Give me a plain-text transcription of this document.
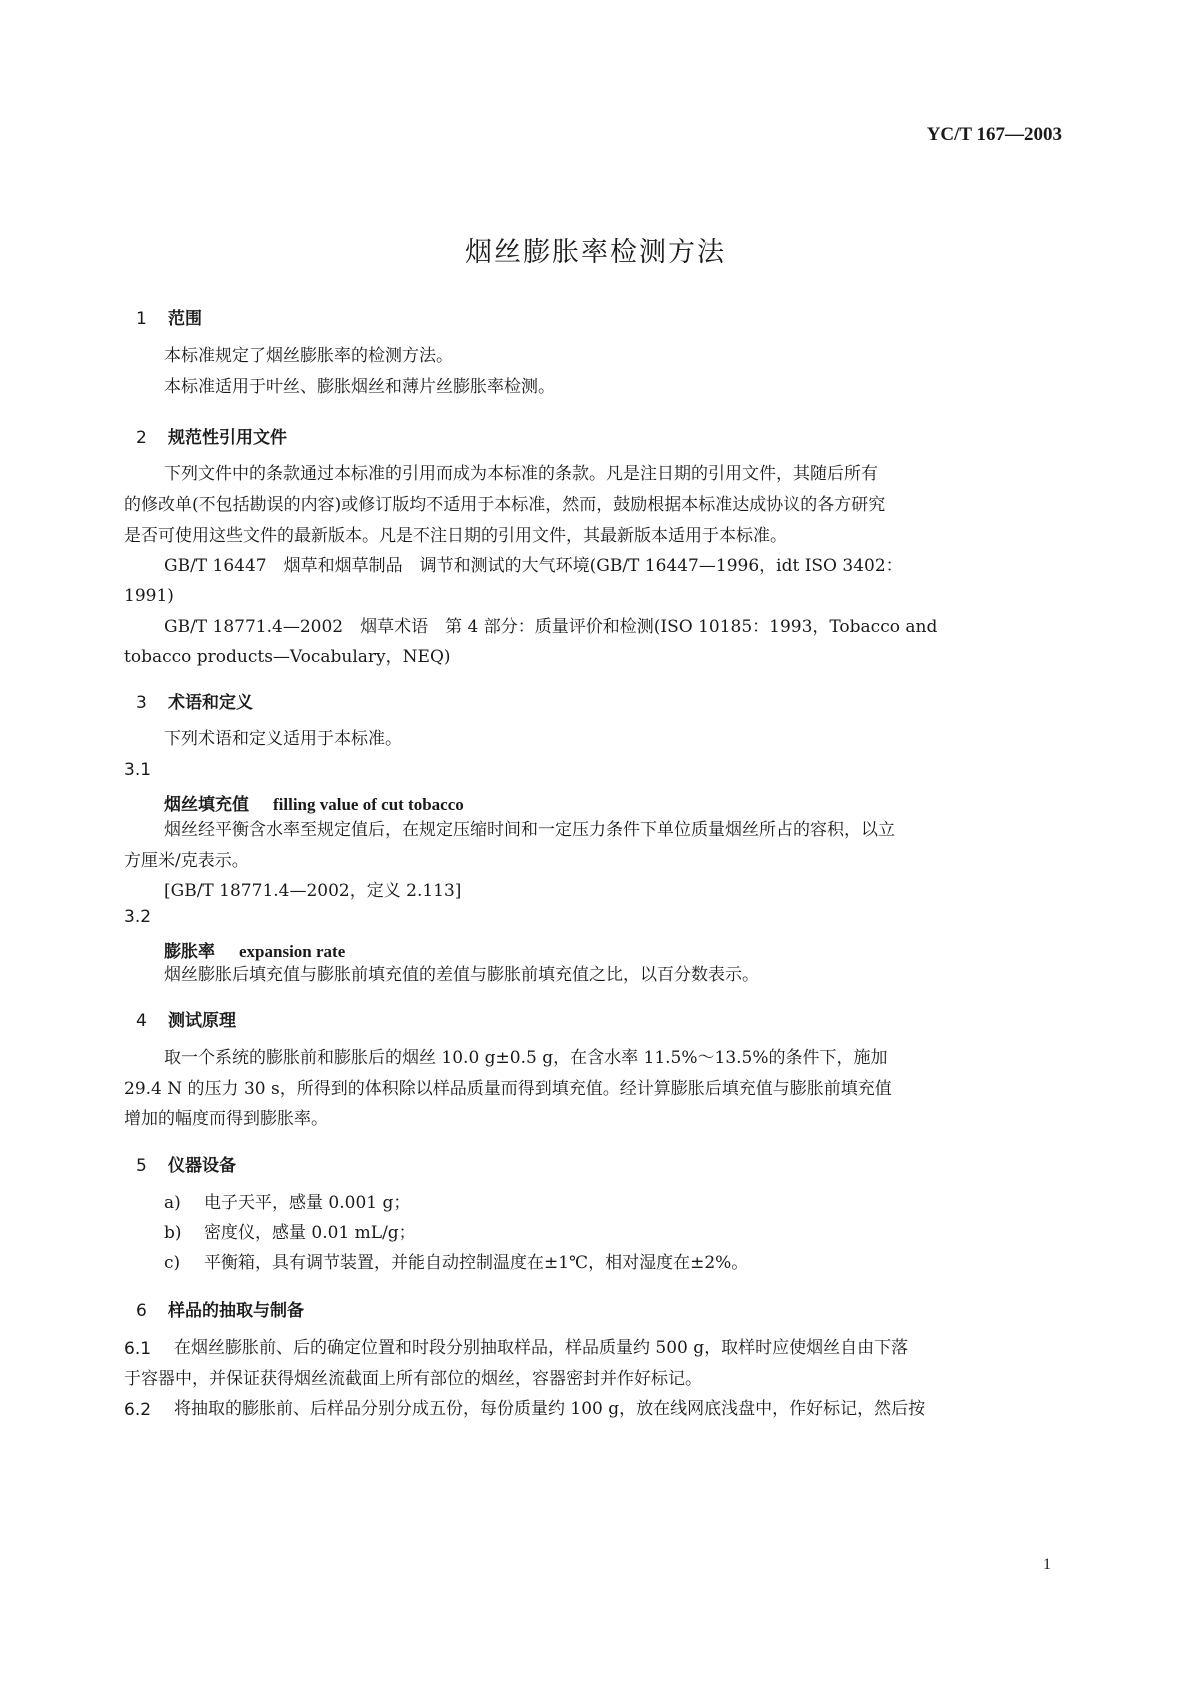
YC/T 167—2003
烟丝膨胀率检测方法
1 范围
本标准规定了烟丝膨胀率的检测方法。
本标准适用于叶丝、膨胀烟丝和薄片丝膨胀率检测。
2 规范性引用文件
下列文件中的条款通过本标准的引用而成为本标准的条款。凡是注日期的引用文件，其随后所有
的修改单(不包括勘误的内容)或修订版均不适用于本标准，然而，鼓励根据本标准达成协议的各方研究
是否可使用这些文件的最新版本。凡是不注日期的引用文件，其最新版本适用于本标准。
GB/T 16447　烟草和烟草制品　调节和测试的大气环境(GB/T 16447—1996，idt ISO 3402：
1991)
GB/T 18771.4—2002　烟草术语　第 4 部分：质量评价和检测(ISO 10185：1993，Tobacco and
tobacco products—Vocabulary，NEQ)
3 术语和定义
下列术语和定义适用于本标准。
3.1
烟丝填充值 filling value of cut tobacco
烟丝经平衡含水率至规定值后，在规定压缩时间和一定压力条件下单位质量烟丝所占的容积，以立
方厘米/克表示。
[GB/T 18771.4—2002，定义 2.113]
3.2
膨胀率 expansion rate
烟丝膨胀后填充值与膨胀前填充值的差值与膨胀前填充值之比，以百分数表示。
4 测试原理
取一个系统的膨胀前和膨胀后的烟丝 10.0 g±0.5 g，在含水率 11.5%～13.5%的条件下，施加
29.4 N 的压力 30 s，所得到的体积除以样品质量而得到填充值。经计算膨胀后填充值与膨胀前填充值
增加的幅度而得到膨胀率。
5 仪器设备
a) 电子天平，感量 0.001 g；
b) 密度仪，感量 0.01 mL/g；
c) 平衡箱，具有调节装置，并能自动控制温度在±1℃，相对湿度在±2%。
6 样品的抽取与制备
6.1 在烟丝膨胀前、后的确定位置和时段分别抽取样品，样品质量约 500 g，取样时应使烟丝自由下落
于容器中，并保证获得烟丝流截面上所有部位的烟丝，容器密封并作好标记。
6.2 将抽取的膨胀前、后样品分别分成五份，每份质量约 100 g，放在线网底浅盘中，作好标记，然后按
1
